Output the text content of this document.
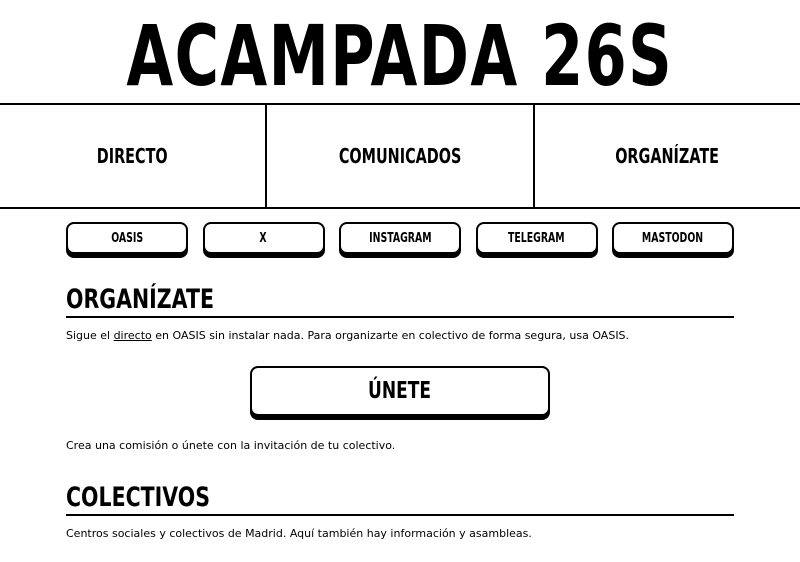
ACAMPADA 26S
DIRECTO	COMUNICADOS	ORGANÍZATE
OASIS	X	INSTAGRAM	TELEGRAM	MASTODON
ORGANÍZATE

Sigue el directo en OASIS sin instalar nada. Para organizarte en colectivo de forma segura, usa OASIS.

ÚNETE

Crea una comisión o únete con la invitación de tu colectivo.

COLECTIVOS

Centros sociales y colectivos de Madrid. Aquí también hay información y asambleas.
